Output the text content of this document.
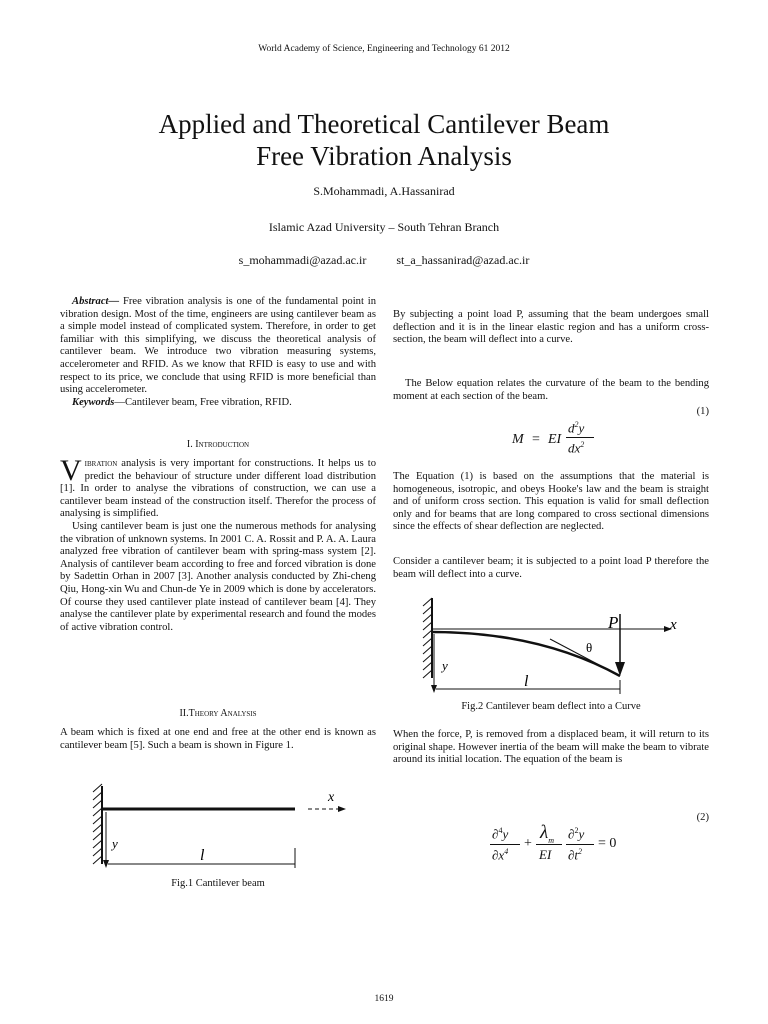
World Academy of Science, Engineering and Technology 61 2012
Applied and Theoretical Cantilever Beam
Free Vibration Analysis
S.Mohammadi, A.Hassanirad
Islamic Azad University – South Tehran Branch
s_mohammadi@azad.ac.ir	st_a_hassanirad@azad.ac.ir

Abstract— Free vibration analysis is one of the fundamental point in vibration design. Most of the time, engineers are using cantilever beam as a simple model instead of complicated system. Therefore, in order to get familiar with this simplifying, we discuss the theoretical analysis of cantilever beam. We introduce two vibration measuring systems, accelerometer and RFID. As we know that RFID is easy to use and with respect to its price, we conclude that using RFID is more beneficial than using accelerometer.

Keywords—Cantilever beam, Free vibration, RFID.

I. Introduction

Vibration analysis is very important for constructions. It helps us to predict the behaviour of structure under different load distribution [1]. In order to analyse the vibrations of construction, we can use a cantilever beam instead of the construction itself. Therefor the process of analysing is simplified.

Using cantilever beam is just one the numerous methods for analysing the vibration of unknown systems. In 2001 C. A. Rossit and P. A. A. Laura analyzed free vibration of cantilever beam with spring-mass system [2]. Analysis of cantilever beam according to free and forced vibration is done by Sadettin Orhan in 2007 [3]. Another analysis conducted by Zhi-cheng Qiu, Hong-xin Wu and Chun-de Ye in 2009 which is done by accelerators. Of course they used cantilever plate instead of cantilever beam [4]. They analyse the cantilever plate by experimental research and found the modes of active vibration control.

II.Theory Analysis
A beam which is fixed at one end and free at the other end is known as cantilever beam [5]. Such a beam is shown in Figure 1.
x
y
l
Fig.1 Cantilever beam
By subjecting a point load P, assuming that the beam undergoes small deflection and it is in the linear elastic region and has a uniform cross-section, the beam will deflect into a curve.
The Below equation relates the curvature of the beam to the bending moment at each section of the beam.
(1)
M = EI
$d^2y$
$dx^2$
The Equation (1) is based on the assumptions that the material is homogeneous, isotropic, and obeys Hooke's law and the beam is straight and of uniform cross section. This equation is valid for small deflection only and for beams that are long compared to cross sectional dimensions since the effects of shear deflection are neglected.
Consider a cantilever beam; it is subjected to a point load P therefore the beam will deflect into a curve.
x
P
θ
y
l
Fig.2 Cantilever beam deflect into a Curve
When the force, P, is removed from a displaced beam, it will return to its original shape. However inertia of the beam will make the beam to vibrate around its initial location. The equation of the beam is
(2)
∂$^4$y
$\partial x^4$
+
$\lambda_m$
EI
∂$^2$y
$\partial t^2$
= 0
1619
